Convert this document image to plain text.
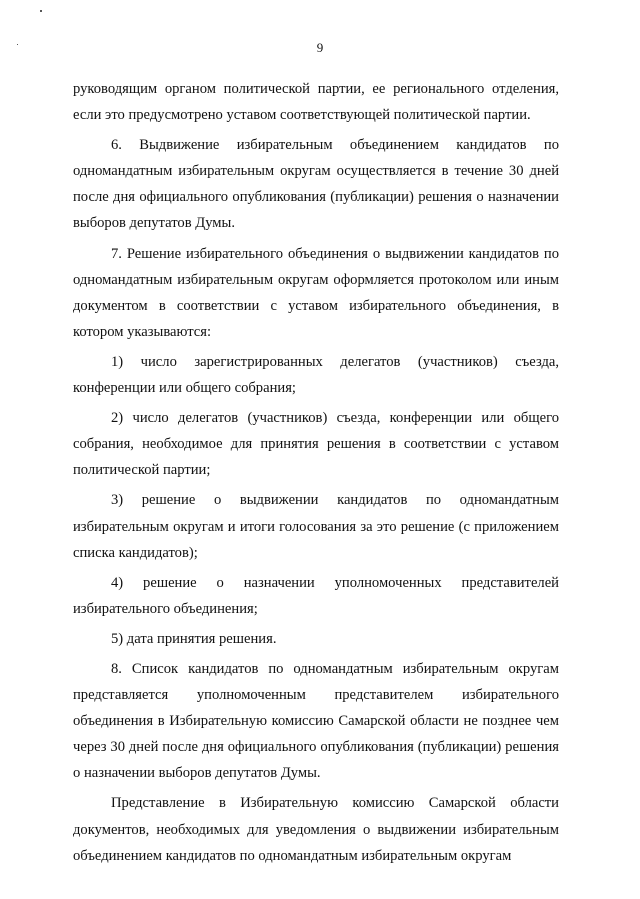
9

руководящим органом политической партии, ее регионального отделения, если это предусмотрено уставом соответствующей политической партии.

6. Выдвижение избирательным объединением кандидатов по одномандатным избирательным округам осуществляется в течение 30 дней после дня официального опубликования (публикации) решения о назначении выборов депутатов Думы.

7. Решение избирательного объединения о выдвижении кандидатов по одномандатным избирательным округам оформляется протоколом или иным документом в соответствии с уставом избирательного объединения, в котором указываются:

1) число зарегистрированных делегатов (участников) съезда, конференции или общего собрания;

2) число делегатов (участников) съезда, конференции или общего собрания, необходимое для принятия решения в соответствии с уставом политической партии;

3) решение о выдвижении кандидатов по одномандатным избирательным округам и итоги голосования за это решение (с приложением списка кандидатов);

4) решение о назначении уполномоченных представителей избирательного объединения;

5) дата принятия решения.

8. Список кандидатов по одномандатным избирательным округам представляется уполномоченным представителем избирательного объединения в Избирательную комиссию Самарской области не позднее чем через 30 дней после дня официального опубликования (публикации) решения о назначении выборов депутатов Думы.

Представление в Избирательную комиссию Самарской области документов, необходимых для уведомления о выдвижении избирательным объединением кандидатов по одномандатным избирательным округам
